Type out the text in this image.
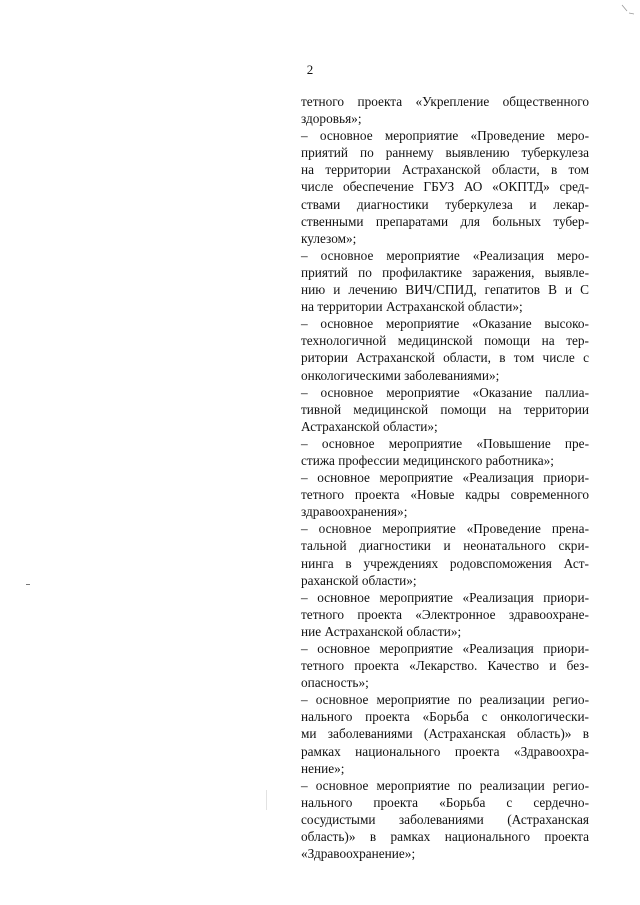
2
тетного проекта «Укрепление общественного
здоровья»;
– основное мероприятие «Проведение меро-
приятий по раннему выявлению туберкулеза
на территории Астраханской области, в том
числе обеспечение ГБУЗ АО «ОКПТД» сред-
ствами диагностики туберкулеза и лекар-
ственными препаратами для больных тубер-
кулезом»;
– основное мероприятие «Реализация меро-
приятий по профилактике заражения, выявле-
нию и лечению ВИЧ/СПИД, гепатитов В и С
на территории Астраханской области»;
– основное мероприятие «Оказание высоко-
технологичной медицинской помощи на тер-
ритории Астраханской области, в том числе с
онкологическими заболеваниями»;
– основное мероприятие «Оказание паллиа-
тивной медицинской помощи на территории
Астраханской области»;
– основное мероприятие «Повышение пре-
стижа профессии медицинского работника»;
– основное мероприятие «Реализация приори-
тетного проекта «Новые кадры современного
здравоохранения»;
– основное мероприятие «Проведение прена-
тальной диагностики и неонатального скри-
нинга в учреждениях родовспоможения Аст-
раханской области»;
– основное мероприятие «Реализация приори-
тетного проекта «Электронное здравоохране-
ние Астраханской области»;
– основное мероприятие «Реализация приори-
тетного проекта «Лекарство. Качество и без-
опасность»;
– основное мероприятие по реализации регио-
нального проекта «Борьба с онкологически-
ми заболеваниями (Астраханская область)» в
рамках национального проекта «Здравоохра-
нение»;
– основное мероприятие по реализации регио-
нального проекта «Борьба с сердечно-
сосудистыми заболеваниями (Астраханская
область)» в рамках национального проекта
«Здравоохранение»;
